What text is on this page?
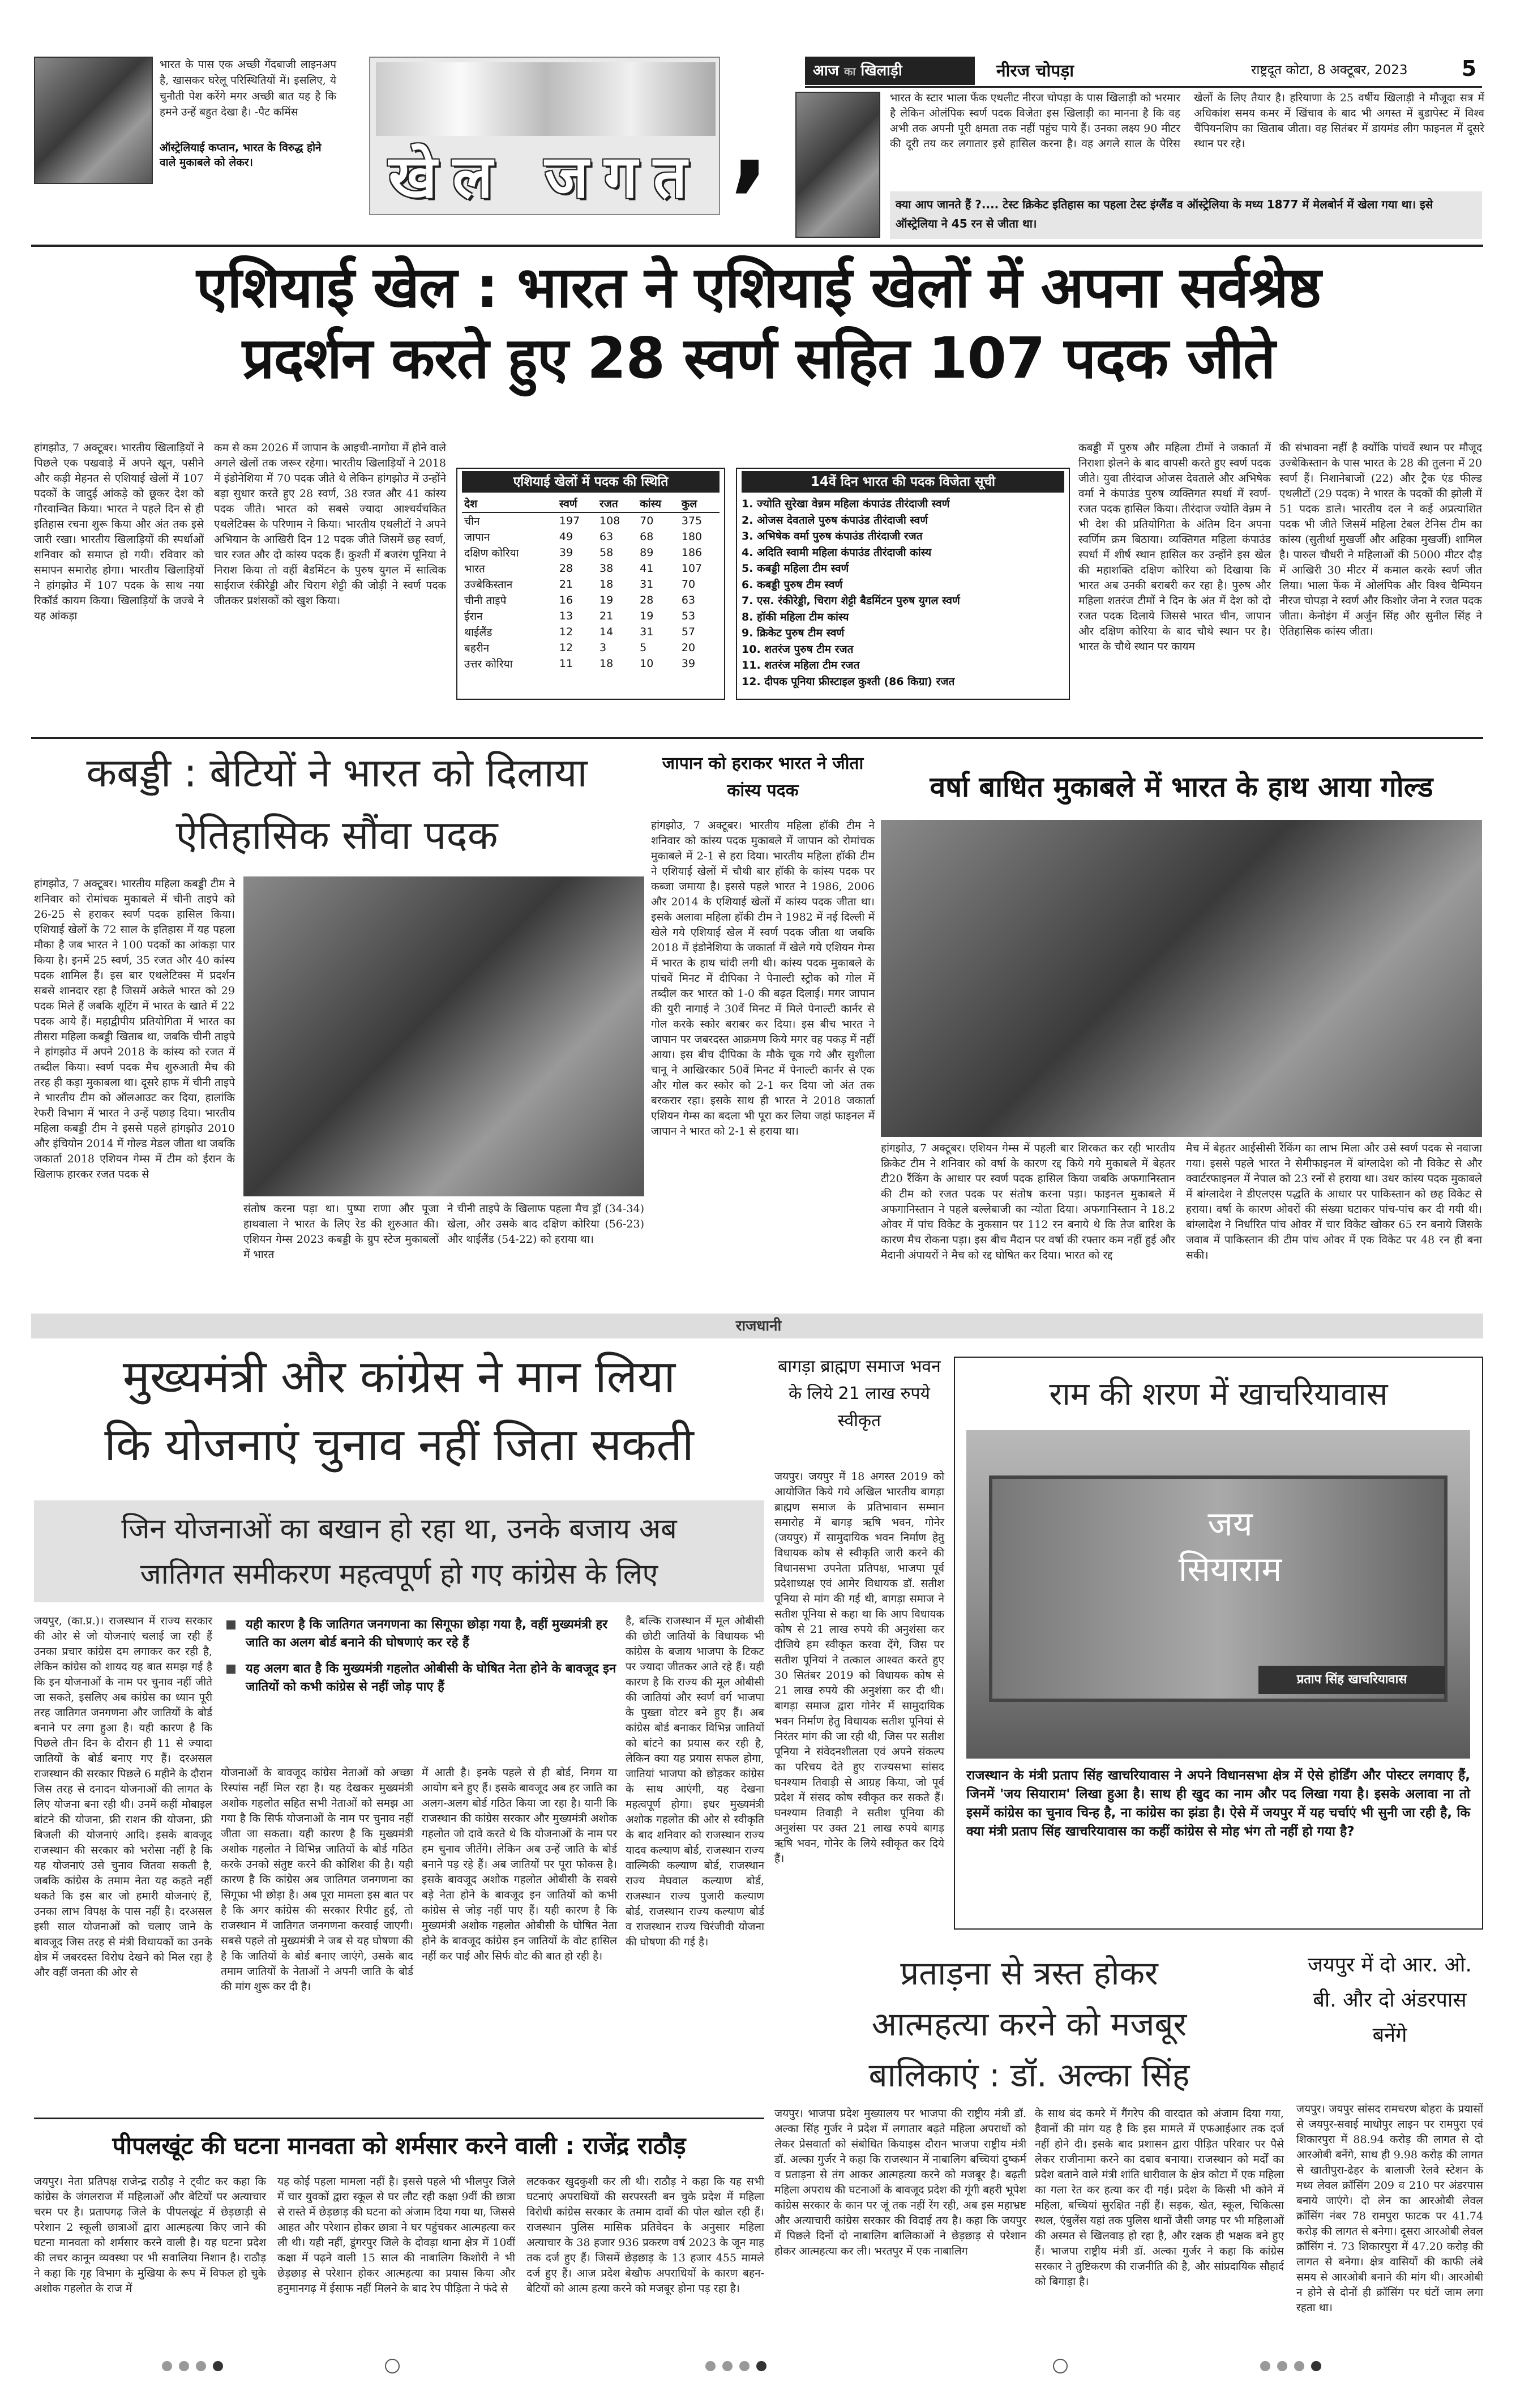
भारत के पास एक अच्छी गेंदबाजी लाइनअप है, खासकर घरेलू परिस्थितियों में। इसलिए, ये चुनौती पेश करेंगे मगर अच्छी बात यह है कि हमने उन्हें बहुत देखा है। -पैट कमिंस
ऑस्ट्रेलियाई कप्तान, भारत के विरुद्ध होने वाले मुकाबले को लेकर।	खेल जगत ,
आज का खिलाड़ी	नीरज चोपड़ा	राष्ट्रदूत कोटा, 8 अक्टूबर, 2023	5
भारत के स्टार भाला फेंक एथलीट नीरज चोपड़ा के पास खिलाड़ी को भरमार है लेकिन ओलंपिक स्वर्ण पदक विजेता इस खिलाड़ी का मानना है कि वह अभी तक अपनी पूरी क्षमता तक नहीं पहुंच पाये हैं। उनका लक्ष्य 90 मीटर की दूरी तय कर लगातार इसे हासिल करना है। वह अगले साल के पेरिस खेलों के लिए तैयार है। हरियाणा के 25 वर्षीय खिलाड़ी ने मौजूदा सत्र में अधिकांश समय कमर में खिंचाव के बाद भी अगस्त में बुडापेस्ट में विश्व चैंपियनशिप का खिताब जीता। वह सितंबर में डायमंड लीग फाइनल में दूसरे स्थान पर रहे।
क्या आप जानते हैं ?.... टेस्ट क्रिकेट इतिहास का पहला टेस्ट इंग्लैंड व ऑस्ट्रेलिया के मध्य 1877 में मेलबोर्न में खेला गया था। इसे ऑस्ट्रेलिया ने 45 रन से जीता था।
एशियाई खेल : भारत ने एशियाई खेलों में अपना सर्वश्रेष्ठ
प्रदर्शन करते हुए 28 स्वर्ण सहित 107 पदक जीते
हांगझोउ, 7 अक्टूबर। भारतीय खिलाड़ियों ने पिछले एक पखवाड़े में अपने खून, पसीने और कड़ी मेहनत से एशियाई खेलों में 107 पदकों के जादुई आंकड़े को छूकर देश को गौरवान्वित किया। भारत ने पहले दिन से ही इतिहास रचना शुरू किया और अंत तक इसे जारी रखा। भारतीय खिलाड़ियों की स्पर्धाओं शनिवार को समाप्त हो गयी। रविवार को समापन समारोह होगा। भारतीय खिलाड़ियों ने हांगझोउ में 107 पदक के साथ नया रिकॉर्ड कायम किया। खिलाड़ियों के जज्बे ने यह आंकड़ा
कम से कम 2026 में जापान के आइची-नागोया में होने वाले अगले खेलों तक जरूर रहेगा। भारतीय खिलाड़ियों ने 2018 में इंडोनेशिया में 70 पदक जीते थे लेकिन हांगझोउ में उन्होंने बड़ा सुधार करते हुए 28 स्वर्ण, 38 रजत और 41 कांस्य पदक जीते। भारत को सबसे ज्यादा आश्चर्यचकित एथलेटिक्स के परिणाम ने किया। भारतीय एथलीटों ने अपने अभियान के आखिरी दिन 12 पदक जीते जिसमें छह स्वर्ण, चार रजत और दो कांस्य पदक हैं। कुश्ती में बजरंग पूनिया ने निराश किया तो वहीं बैडमिंटन के पुरुष युगल में सात्विक साईराज रंकीरेड्डी और चिराग शेट्टी की जोड़ी ने स्वर्ण पदक जीतकर प्रशंसकों को खुश किया।
एशियाई खेलों में पदक की स्थिति
देश	स्वर्ण	रजत	कांस्य	कुल
चीन	197	108	70	375
जापान	49	63	68	180
दक्षिण कोरिया	39	58	89	186
भारत	28	38	41	107
उज्बेकिस्तान	21	18	31	70
चीनी ताइपे	16	19	28	63
ईरान	13	21	19	53
थाईलैंड	12	14	31	57
बहरीन	12	3	5	20
उत्तर कोरिया	11	18	10	39
14वें दिन भारत की पदक विजेता सूची
1. ज्योति सुरेखा वेन्नम महिला कंपाउंड तीरंदाजी स्वर्ण
2. ओजस देवताले पुरुष कंपाउंड तीरंदाजी स्वर्ण
3. अभिषेक वर्मा पुरुष कंपाउंड तीरंदाजी रजत
4. अदिति स्वामी महिला कंपाउंड तीरंदाजी कांस्य
5. कबड्डी महिला टीम स्वर्ण
6. कबड्डी पुरुष टीम स्वर्ण
7. एस. रंकीरेड्डी, चिराग शेट्टी बैडमिंटन पुरुष युगल स्वर्ण
8. हॉकी महिला टीम कांस्य
9. क्रिकेट पुरुष टीम स्वर्ण
10. शतरंज पुरुष टीम रजत
11. शतरंज महिला टीम रजत
12. दीपक पूनिया फ्रीस्टाइल कुश्ती (86 किग्रा) रजत
कबड्डी में पुरुष और महिला टीमों ने जकार्ता में निराशा झेलने के बाद वापसी करते हुए स्वर्ण पदक जीते। युवा तीरंदाज ओजस देवताले और अभिषेक वर्मा ने कंपाउंड पुरुष व्यक्तिगत स्पर्धा में स्वर्ण-रजत पदक हासिल किया। तीरंदाज ज्योति वेन्नम ने भी देश की प्रतियोगिता के अंतिम दिन अपना स्वर्णिम क्रम बिठाया। व्यक्तिगत महिला कंपाउंड स्पर्धा में शीर्ष स्थान हासिल कर उन्होंने इस खेल की महाशक्ति दक्षिण कोरिया को दिखाया कि भारत अब उनकी बराबरी कर रहा है। पुरुष और महिला शतरंज टीमों ने दिन के अंत में देश को दो रजत पदक दिलाये जिससे भारत चीन, जापान और दक्षिण कोरिया के बाद चौथे स्थान पर है। भारत के चौथे स्थान पर कायम
की संभावना नहीं है क्योंकि पांचवें स्थान पर मौजूद उज्बेकिस्तान के पास भारत के 28 की तुलना में 20 स्वर्ण हैं। निशानेबाजों (22) और ट्रैक एंड फील्ड एथलीटों (29 पदक) ने भारत के पदकों की झोली में 51 पदक डाले। भारतीय दल ने कई अप्रत्याशित पदक भी जीते जिसमें महिला टेबल टेनिस टीम का कांस्य (सुतीर्था मुखर्जी और अहिका मुखर्जी) शामिल है। पारुल चौधरी ने महिलाओं की 5000 मीटर दौड़ में आखिरी 30 मीटर में कमाल करके स्वर्ण जीत लिया। भाला फेंक में ओलंपिक और विश्व चैम्पियन नीरज चोपड़ा ने स्वर्ण और किशोर जेना ने रजत पदक जीता। केनोइंग में अर्जुन सिंह और सुनील सिंह ने ऐतिहासिक कांस्य जीता।
कबड्डी : बेटियों ने भारत को दिलाया ऐतिहासिक सौंवा पदक
हांगझोउ, 7 अक्टूबर। भारतीय महिला कबड्डी टीम ने शनिवार को रोमांचक मुकाबले में चीनी ताइपे को 26-25 से हराकर स्वर्ण पदक हासिल किया। एशियाई खेलों के 72 साल के इतिहास में यह पहला मौका है जब भारत ने 100 पदकों का आंकड़ा पार किया है। इनमें 25 स्वर्ण, 35 रजत और 40 कांस्य पदक शामिल हैं। इस बार एथलेटिक्स में प्रदर्शन सबसे शानदार रहा है जिसमें अकेले भारत को 29 पदक मिले हैं जबकि शूटिंग में भारत के खाते में 22 पदक आये हैं। महाद्वीपीय प्रतियोगिता में भारत का तीसरा महिला कबड्डी खिताब था, जबकि चीनी ताइपे ने हांगझोउ में अपने 2018 के कांस्य को रजत में तब्दील किया। स्वर्ण पदक मैच शुरुआती मैच की तरह ही कड़ा मुकाबला था। दूसरे हाफ में चीनी ताइपे ने भारतीय टीम को ऑलआउट कर दिया, हालांकि रेफरी विभाग में भारत ने उन्हें पछाड़ दिया। भारतीय महिला कबड्डी टीम ने इससे पहले हांगझोउ 2010 और इंचियोन 2014 में गोल्ड मेडल जीता था जबकि जकार्ता 2018 एशियन गेम्स में टीम को ईरान के खिलाफ हारकर रजत पदक से
संतोष करना पड़ा था। पुष्पा राणा और पूजा हाथवाला ने भारत के लिए रेड की शुरुआत की। एशियन गेम्स 2023 कबड्डी के ग्रुप स्टेज मुकाबलों में भारत
ने चीनी ताइपे के खिलाफ पहला मैच ड्रॉ (34-34) खेला, और उसके बाद दक्षिण कोरिया (56-23) और थाईलैंड (54-22) को हराया था।
जापान को हराकर भारत ने जीता कांस्य पदक
हांगझोउ, 7 अक्टूबर। भारतीय महिला हॉकी टीम ने शनिवार को कांस्य पदक मुकाबले में जापान को रोमांचक मुकाबले में 2-1 से हरा दिया। भारतीय महिला हॉकी टीम ने एशियाई खेलों में चौथी बार हॉकी के कांस्य पदक पर कब्जा जमाया है। इससे पहले भारत ने 1986, 2006 और 2014 के एशियाई खेलों में कांस्य पदक जीता था। इसके अलावा महिला हॉकी टीम ने 1982 में नई दिल्ली में खेले गये एशियाई खेल में स्वर्ण पदक जीता था जबकि 2018 में इंडोनेशिया के जकार्ता में खेले गये एशियन गेम्स में भारत के हाथ चांदी लगी थी। कांस्य पदक मुकाबले के पांचवें मिनट में दीपिका ने पेनाल्टी स्ट्रोक को गोल में तब्दील कर भारत को 1-0 की बढ़त दिलाई। मगर जापान की युरी नागाई ने 30वें मिनट में मिले पेनाल्टी कार्नर से गोल करके स्कोर बराबर कर दिया। इस बीच भारत ने जापान पर जबरदस्त आक्रमण किये मगर वह पकड़ में नहीं आया। इस बीच दीपिका के मौके चूक गये और सुशीला चानू ने आखिरकार 50वें मिनट में पेनाल्टी कार्नर से एक और गोल कर स्कोर को 2-1 कर दिया जो अंत तक बरकरार रहा। इसके साथ ही भारत ने 2018 जकार्ता एशियन गेम्स का बदला भी पूरा कर लिया जहां फाइनल में जापान ने भारत को 2-1 से हराया था।
वर्षा बाधित मुकाबले में भारत के हाथ आया गोल्ड
हांगझोउ, 7 अक्टूबर। एशियन गेम्स में पहली बार शिरकत कर रही भारतीय क्रिकेट टीम ने शनिवार को वर्षा के कारण रद्द किये गये मुकाबले में बेहतर टी20 रैंकिंग के आधार पर स्वर्ण पदक हासिल किया जबकि अफगानिस्तान की टीम को रजत पदक पर संतोष करना पड़ा। फाइनल मुकाबले में अफगानिस्तान ने पहले बल्लेबाजी का न्योता दिया। अफगानिस्तान ने 18.2 ओवर में पांच विकेट के नुकसान पर 112 रन बनाये थे कि तेज बारिश के कारण मैच रोकना पड़ा। इस बीच मैदान पर वर्षा की रफ्तार कम नहीं हुई और मैदानी अंपायरों ने मैच को रद्द घोषित कर दिया। भारत को रद्द
मैच में बेहतर आईसीसी रैंकिंग का लाभ मिला और उसे स्वर्ण पदक से नवाजा गया। इससे पहले भारत ने सेमीफाइनल में बांग्लादेश को नौ विकेट से और क्वार्टरफाइनल में नेपाल को 23 रनों से हराया था। उधर कांस्य पदक मुकाबले में बांग्लादेश ने डीएलएस पद्धति के आधार पर पाकिस्तान को छह विकेट से हराया। वर्षा के कारण ओवरों की संख्या घटाकर पांच-पांच कर दी गयी थी। बांग्लादेश ने निर्धारित पांच ओवर में चार विकेट खोकर 65 रन बनाये जिसके जवाब में पाकिस्तान की टीम पांच ओवर में एक विकेट पर 48 रन ही बना सकी।
राजधानी
मुख्यमंत्री और कांग्रेस ने मान लिया
कि योजनाएं चुनाव नहीं जिता सकती
जिन योजनाओं का बखान हो रहा था, उनके बजाय अब
जातिगत समीकरण महत्वपूर्ण हो गए कांग्रेस के लिए
जयपुर, (का.प्र.)। राजस्थान में राज्य सरकार की ओर से जो योजनाएं चलाई जा रही हैं उनका प्रचार कांग्रेस दम लगाकर कर रही है, लेकिन कांग्रेस को शायद यह बात समझ गई है कि इन योजनाओं के नाम पर चुनाव नहीं जीते जा सकते, इसलिए अब कांग्रेस का ध्यान पूरी तरह जातिगत जनगणना और जातियों के बोर्ड बनाने पर लगा हुआ है। यही कारण है कि पिछले तीन दिन के दौरान ही 11 से ज्यादा जातियों के बोर्ड बनाए गए हैं। दरअसल राजस्थान की सरकार पिछले 6 महीने के दौरान जिस तरह से दनादन योजनाओं की लागत के लिए योजना बना रही थी। उनमें कहीं मोबाइल बांटने की योजना, फ्री राशन की योजना, फ्री बिजली की योजनाएं आदि। इसके बावजूद राजस्थान की सरकार को भरोसा नहीं है कि यह योजनाएं उसे चुनाव जितवा सकती है, जबकि कांग्रेस के तमाम नेता यह कहते नहीं थकते कि इस बार जो हमारी योजनाएं हैं, उनका लाभ विपक्ष के पास नहीं है। दरअसल इसी साल योजनाओं को चलाए जाने के बावजूद जिस तरह से मंत्री विधायकों का उनके क्षेत्र में जबरदस्त विरोध देखने को मिल रहा है और वहीं जनता की ओर से
यही कारण है कि जातिगत जनगणना का सिगूफा छोड़ा गया है, वहीं मुख्यमंत्री हर जाति का अलग बोर्ड बनाने की घोषणाएं कर रहे हैं
यह अलग बात है कि मुख्यमंत्री गहलोत ओबीसी के घोषित नेता होने के बावजूद इन जातियों को कभी कांग्रेस से नहीं जोड़ पाए हैं
योजनाओं के बावजूद कांग्रेस नेताओं को अच्छा रिस्पांस नहीं मिल रहा है। यह देखकर मुख्यमंत्री अशोक गहलोत सहित सभी नेताओं को समझ आ गया है कि सिर्फ योजनाओं के नाम पर चुनाव नहीं जीता जा सकता। यही कारण है कि मुख्यमंत्री अशोक गहलोत ने विभिन्न जातियों के बोर्ड गठित करके उनको संतुष्ट करने की कोशिश की है। यही कारण है कि कांग्रेस अब जातिगत जनगणना का सिगूफा भी छोड़ा है। अब पूरा मामला इस बात पर है कि अगर कांग्रेस की सरकार रिपीट हुई, तो राजस्थान में जातिगत जनगणना करवाई जाएगी। सबसे पहले तो मुख्यमंत्री ने जब से यह घोषणा की है कि जातियों के बोर्ड बनाए जाएंगे, उसके बाद तमाम जातियों के नेताओं ने अपनी जाति के बोर्ड की मांग शुरू कर दी है।
में आती है। इनके पहले से ही बोर्ड, निगम या आयोग बने हुए हैं। इसके बावजूद अब हर जाति का अलग-अलग बोर्ड गठित किया जा रहा है। यानी कि राजस्थान की कांग्रेस सरकार और मुख्यमंत्री अशोक गहलोत जो दावे करते थे कि योजनाओं के नाम पर हम चुनाव जीतेंगे। लेकिन अब उन्हें जाति के बोर्ड बनाने पड़ रहे हैं। अब जातियों पर पूरा फोकस है। इसके बावजूद अशोक गहलोत ओबीसी के सबसे बड़े नेता होने के बावजूद इन जातियों को कभी कांग्रेस से जोड़ नहीं पाए हैं। यही कारण है कि मुख्यमंत्री अशोक गहलोत ओबीसी के घोषित नेता होने के बावजूद कांग्रेस इन जातियों के वोट हासिल नहीं कर पाई और सिर्फ वोट की बात हो रही है।
है, बल्कि राजस्थान में मूल ओबीसी की छोटी जातियों के विधायक भी कांग्रेस के बजाय भाजपा के टिकट पर ज्यादा जीतकर आते रहे हैं। यही कारण है कि राज्य की मूल ओबीसी की जातियां और स्वर्ण वर्ग भाजपा के पुख्ता वोटर बने हुए हैं। अब कांग्रेस बोर्ड बनाकर विभिन्न जातियों को बांटने का प्रयास कर रही है, लेकिन क्या यह प्रयास सफल होगा, जातियां भाजपा को छोड़कर कांग्रेस के साथ आएंगी, यह देखना महत्वपूर्ण होगा। इधर मुख्यमंत्री अशोक गहलोत की ओर से स्वीकृति के बाद शनिवार को राजस्थान राज्य यादव कल्याण बोर्ड, राजस्थान राज्य वाल्मिकी कल्याण बोर्ड, राजस्थान राज्य मेघवाल कल्याण बोर्ड, राजस्थान राज्य पुजारी कल्याण बोर्ड, राजस्थान राज्य कल्याण बोर्ड व राजस्थान राज्य चिरंजीवी योजना की घोषणा की गई है।
बागड़ा ब्राह्मण समाज भवन के लिये 21 लाख रुपये स्वीकृत
जयपुर। जयपुर में 18 अगस्त 2019 को आयोजित किये गये अखिल भारतीय बागड़ा ब्राह्मण समाज के प्रतिभावान सम्मान समारोह में बागड़ ऋषि भवन, गोनेर (जयपुर) में सामुदायिक भवन निर्माण हेतु विधायक कोष से स्वीकृति जारी करने की विधानसभा उपनेता प्रतिपक्ष, भाजपा पूर्व प्रदेशाध्यक्ष एवं आमेर विधायक डॉ. सतीश पूनिया से मांग की गई थी, बागड़ा समाज ने सतीश पूनिया से कहा था कि आप विधायक कोष से 21 लाख रुपये की अनुशंसा कर दीजिये हम स्वीकृत करवा देंगे, जिस पर सतीश पूनियां ने तत्काल आश्वत करते हुए 30 सितंबर 2019 को विधायक कोष से 21 लाख रुपये की अनुशंसा कर दी थी। बागड़ा समाज द्वारा गोनेर में सामुदायिक भवन निर्माण हेतु विधायक सतीश पूनियां से निरंतर मांग की जा रही थी, जिस पर सतीश पूनिया ने संवेदनशीलता एवं अपने संकल्प का परिचय देते हुए राज्यसभा सांसद घनश्याम तिवाड़ी से आग्रह किया, जो पूर्व प्रदेश में संसद कोष स्वीकृत कर सकते हैं। घनश्याम तिवाड़ी ने सतीश पूनिया की अनुशंसा पर उक्त 21 लाख रुपये बागड़ ऋषि भवन, गोनेर के लिये स्वीकृत कर दिये हैं।
राम की शरण में खाचरियावास
जय सियाराम
प्रताप सिंह खाचरियावास
राजस्थान के मंत्री प्रताप सिंह खाचरियावास ने अपने विधानसभा क्षेत्र में ऐसे होर्डिंग और पोस्टर लगवाए हैं, जिनमें 'जय सियाराम' लिखा हुआ है। साथ ही खुद का नाम और पद लिखा गया है। इसके अलावा ना तो इसमें कांग्रेस का चुनाव चिन्ह है, ना कांग्रेस का झंडा है। ऐसे में जयपुर में यह चर्चाएं भी सुनी जा रही है, कि क्या मंत्री प्रताप सिंह खाचरियावास का कहीं कांग्रेस से मोह भंग तो नहीं हो गया है?
प्रताड़ना से त्रस्त होकर
आत्महत्या करने को मजबूर
बालिकाएं : डॉ. अल्का सिंह
जयपुर। भाजपा प्रदेश मुख्यालय पर भाजपा की राष्ट्रीय मंत्री डॉ. अल्का सिंह गुर्जर ने प्रदेश में लगातार बढ़ते महिला अपराधों को लेकर प्रेसवार्ता को संबोधित कियाइस दौरान भाजपा राष्ट्रीय मंत्री डॉ. अल्का गुर्जर ने कहा कि राजस्थान में नाबालिग बच्चियां दुष्कर्म व प्रताड़ना से तंग आकर आत्महत्या करने को मजबूर है। बढ़ती महिला अपराध की घटनाओं के बावजूद प्रदेश की गूंगी बहरी भूपेश कांग्रेस सरकार के कान पर जूं तक नहीं रेंग रही, अब इस महाभ्रष्ट और अत्याचारी कांग्रेस सरकार की विदाई तय है। कहा कि जयपुर में पिछले दिनों दो नाबालिग बालिकाओं ने छेड़छाड़ से परेशान होकर आत्महत्या कर ली। भरतपुर में एक नाबालिग
के साथ बंद कमरे में गैंगरेप की वारदात को अंजाम दिया गया, हैवानों की मांग यह है कि इस मामले में एफआईआर तक दर्ज नहीं होने दी। इसके बाद प्रशासन द्वारा पीड़ित परिवार पर पैसे लेकर राजीनामा करने का दबाव बनाया। राजस्थान को मर्दों का प्रदेश बताने वाले मंत्री शांति धारीवाल के क्षेत्र कोटा में एक महिला का गला रेत कर हत्या कर दी गई। प्रदेश के किसी भी कोने में महिला, बच्चियां सुरक्षित नहीं हैं। सड़क, खेत, स्कूल, चिकित्सा स्थल, एंबुलेंस यहां तक पुलिस थानों जैसी जगह पर भी महिलाओं की अस्मत से खिलवाड़ हो रहा है, और रक्षक ही भक्षक बने हुए हैं। भाजपा राष्ट्रीय मंत्री डॉ. अल्का गुर्जर ने कहा कि कांग्रेस सरकार ने तुष्टिकरण की राजनीति की है, और सांप्रदायिक सौहार्द को बिगाड़ा है।
जयपुर में दो आर. ओ. बी. और दो अंडरपास बनेंगे
जयपुर। जयपुर सांसद रामचरण बोहरा के प्रयासों से जयपुर-सवाई माधोपुर लाइन पर रामपुरा एवं शिकारपुरा में 88.94 करोड़ की लागत से दो आरओबी बनेंगे, साथ ही 9.98 करोड़ की लागत से खातीपुरा-ढेहर के बालाजी रेलवे स्टेशन के मध्य लेवल क्रॉसिंग 209 व 210 पर अंडरपास बनाये जाएंगे। दो लेन का आरओबी लेवल क्रॉसिंग नंबर 78 रामपुरा फाटक पर 41.74 करोड़ की लागत से बनेगा। दूसरा आरओबी लेवल क्रॉसिंग नं. 73 शिकारपुरा में 47.20 करोड़ की लागत से बनेगा। क्षेत्र वासियों की काफी लंबे समय से आरओबी बनाने की मांग थी। आरओबी न होने से दोनों ही क्रॉसिंग पर घंटों जाम लगा रहता था।
पीपलखूंट की घटना मानवता को शर्मसार करने वाली : राजेंद्र राठौड़
जयपुर। नेता प्रतिपक्ष राजेन्द्र राठौड़ ने ट्वीट कर कहा कि कांग्रेस के जंगलराज में महिलाओं और बेटियों पर अत्याचार चरम पर है। प्रतापगढ़ जिले के पीपलखूंट में छेड़छाड़ी से परेशान 2 स्कूली छात्राओं द्वारा आत्महत्या किए जाने की घटना मानवता को शर्मसार करने वाली है। यह घटना प्रदेश की लचर कानून व्यवस्था पर भी सवालिया निशान है। राठौड़ ने कहा कि गृह विभाग के मुखिया के रूप में विफल हो चुके अशोक गहलोत के राज में
यह कोई पहला मामला नहीं है। इससे पहले भी भीलपुर जिले में चार युवकों द्वारा स्कूल से घर लौट रही कक्षा 9वीं की छात्रा से रास्ते में छेड़छाड़ की घटना को अंजाम दिया गया था, जिससे आहत और परेशान होकर छात्रा ने घर पहुंचकर आत्महत्या कर ली थी। यही नहीं, डूंगरपुर जिले के दोवड़ा थाना क्षेत्र में 10वीं कक्षा में पढ़ने वाली 15 साल की नाबालिग किशोरी ने भी छेड़छाड़ से परेशान होकर आत्महत्या का प्रयास किया और हनुमानगढ़ में ईसाफ नहीं मिलने के बाद रेप पीड़िता ने फंदे से
लटककर खुदकुशी कर ली थी। राठौड़ ने कहा कि यह सभी घटनाएं अपराधियों की सरपरस्ती बन चुके प्रदेश में महिला विरोधी कांग्रेस सरकार के तमाम दावों की पोल खोल रही हैं। राजस्थान पुलिस मासिक प्रतिवेदन के अनुसार महिला अत्याचार के 38 हजार 936 प्रकरण वर्ष 2023 के जून माह तक दर्ज हुए हैं। जिसमें छेड़छाड़ के 13 हजार 455 मामले दर्ज हुए हैं। आज प्रदेश बेखौफ अपराधियों के कारण बहन-बेटियों को आत्म हत्या करने को मजबूर होना पड़ रहा है।
